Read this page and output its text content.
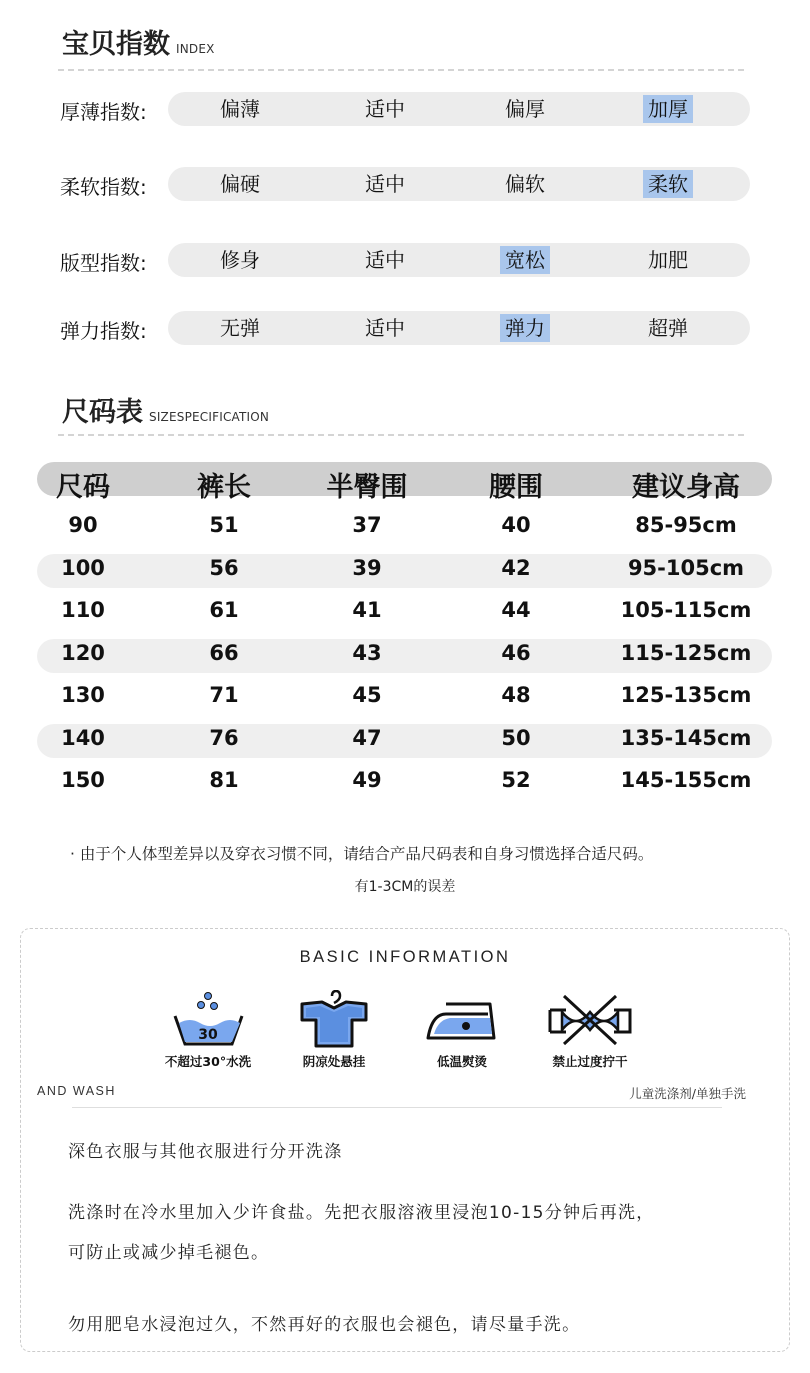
宝贝指数 INDEX
厚薄指数:	偏薄	适中	偏厚	加厚
柔软指数:	偏硬	适中	偏软	柔软
版型指数:	修身	适中	宽松	加肥
弹力指数:	无弹	适中	弹力	超弹
尺码表 SIZESPECIFICATION
尺码	裤长	半臀围	腰围	建议身高
90	51	37	40	85-95cm
100	56	39	42	95-105cm
110	61	41	44	105-115cm
120	66	43	46	115-125cm
130	71	45	48	125-135cm
140	76	47	50	135-145cm
150	81	49	52	145-155cm
· 由于个人体型差异以及穿衣习惯不同，请结合产品尺码表和自身习惯选择合适尺码。
有1-3CM的误差
BASIC INFORMATION
30
不超过30°水洗	阴凉处悬挂	低温熨烫	禁止过度拧干
AND WASH	儿童洗涤剂/单独手洗
深色衣服与其他衣服进行分开洗涤
洗涤时在冷水里加入少许食盐。先把衣服溶液里浸泡10-15分钟后再洗，
可防止或减少掉毛褪色。
勿用肥皂水浸泡过久，不然再好的衣服也会褪色，请尽量手洗。
